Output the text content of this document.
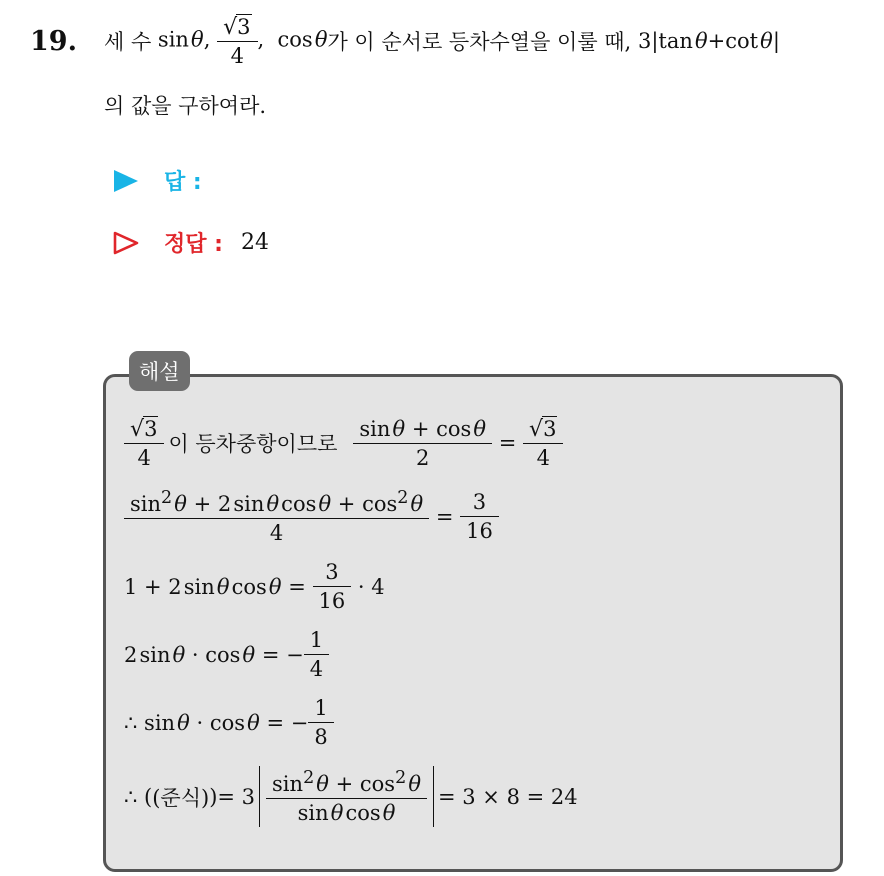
19.	세 수 sin θ, $\frac{√ 3}{4}$ ,  cos θ 가 이 순서로 등차수열을 이룰 때, 3|tan θ+cot θ|
의 값을 구하여라.
답 :
정답 : 24
해설
$\frac{√ 3}{4}$ 이 등차중항이므로 $\frac{\text{sin θ + cos θ}}{2} = \frac{√ 3}{4}$
$\frac{\sin^2 \theta + 2 \sin \theta \cos \theta + \cos^2 \theta}{4} = \frac{3}{16}$
1 + 2 sin θ cos $\theta = \frac{3}{16} \cdot 4$
2 sin θ · cos θ = − $\frac{1}{4}$
∴ sin θ · cos θ = − $\frac{1}{8}$
∴ ( (준식) )= $3 \frac{\sin^2 \theta + \cos^2 \theta}{\text{sin θ cos θ}} = 3 \times 8 = 24$
